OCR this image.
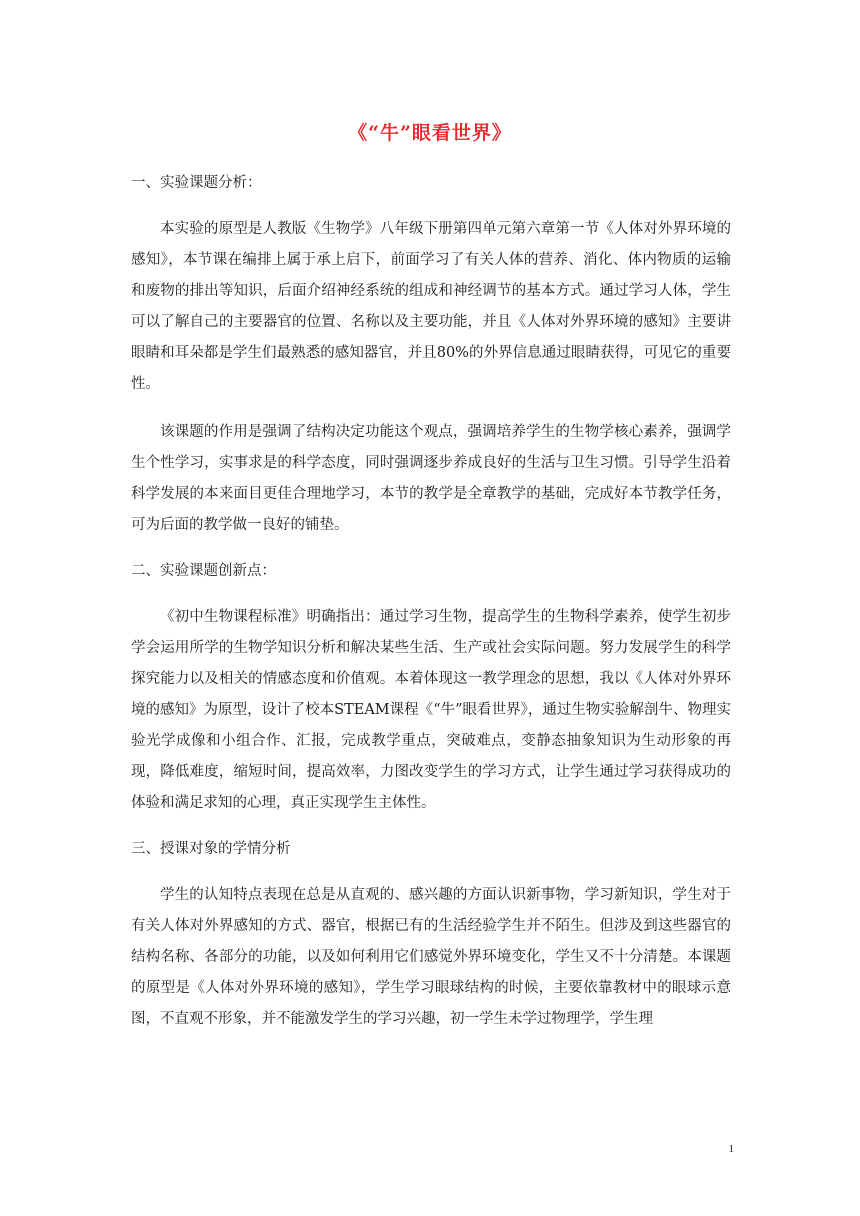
《“牛”眼看世界》
一、实验课题分析：

本实验的原型是人教版《生物学》八年级下册第四单元第六章第一节《人体对外界环境的感知》，本节课在编排上属于承上启下，前面学习了有关人体的营养、消化、体内物质的运输和废物的排出等知识，后面介绍神经系统的组成和神经调节的基本方式。通过学习人体，学生可以了解自己的主要器官的位置、名称以及主要功能，并且《人体对外界环境的感知》主要讲眼睛和耳朵都是学生们最熟悉的感知器官，并且80%的外界信息通过眼睛获得，可见它的重要性。

该课题的作用是强调了结构决定功能这个观点，强调培养学生的生物学核心素养，强调学生个性学习，实事求是的科学态度，同时强调逐步养成良好的生活与卫生习惯。引导学生沿着科学发展的本来面目更佳合理地学习，本节的教学是全章教学的基础，完成好本节教学任务，可为后面的教学做一良好的铺垫。

二、实验课题创新点：

《初中生物课程标准》明确指出：通过学习生物，提高学生的生物科学素养，使学生初步学会运用所学的生物学知识分析和解决某些生活、生产或社会实际问题。努力发展学生的科学探究能力以及相关的情感态度和价值观。本着体现这一教学理念的思想，我以《人体对外界环境的感知》为原型，设计了校本STEAM课程《“牛”眼看世界》，通过生物实验解剖牛、物理实验光学成像和小组合作、汇报，完成教学重点，突破难点，变静态抽象知识为生动形象的再现，降低难度，缩短时间，提高效率，力图改变学生的学习方式，让学生通过学习获得成功的体验和满足求知的心理，真正实现学生主体性。

三、授课对象的学情分析

学生的认知特点表现在总是从直观的、感兴趣的方面认识新事物，学习新知识，学生对于有关人体对外界感知的方式、器官，根据已有的生活经验学生并不陌生。但涉及到这些器官的结构名称、各部分的功能，以及如何利用它们感觉外界环境变化，学生又不十分清楚。本课题的原型是《人体对外界环境的感知》，学生学习眼球结构的时候，主要依靠教材中的眼球示意图，不直观不形象，并不能激发学生的学习兴趣，初一学生未学过物理学，学生理

1
